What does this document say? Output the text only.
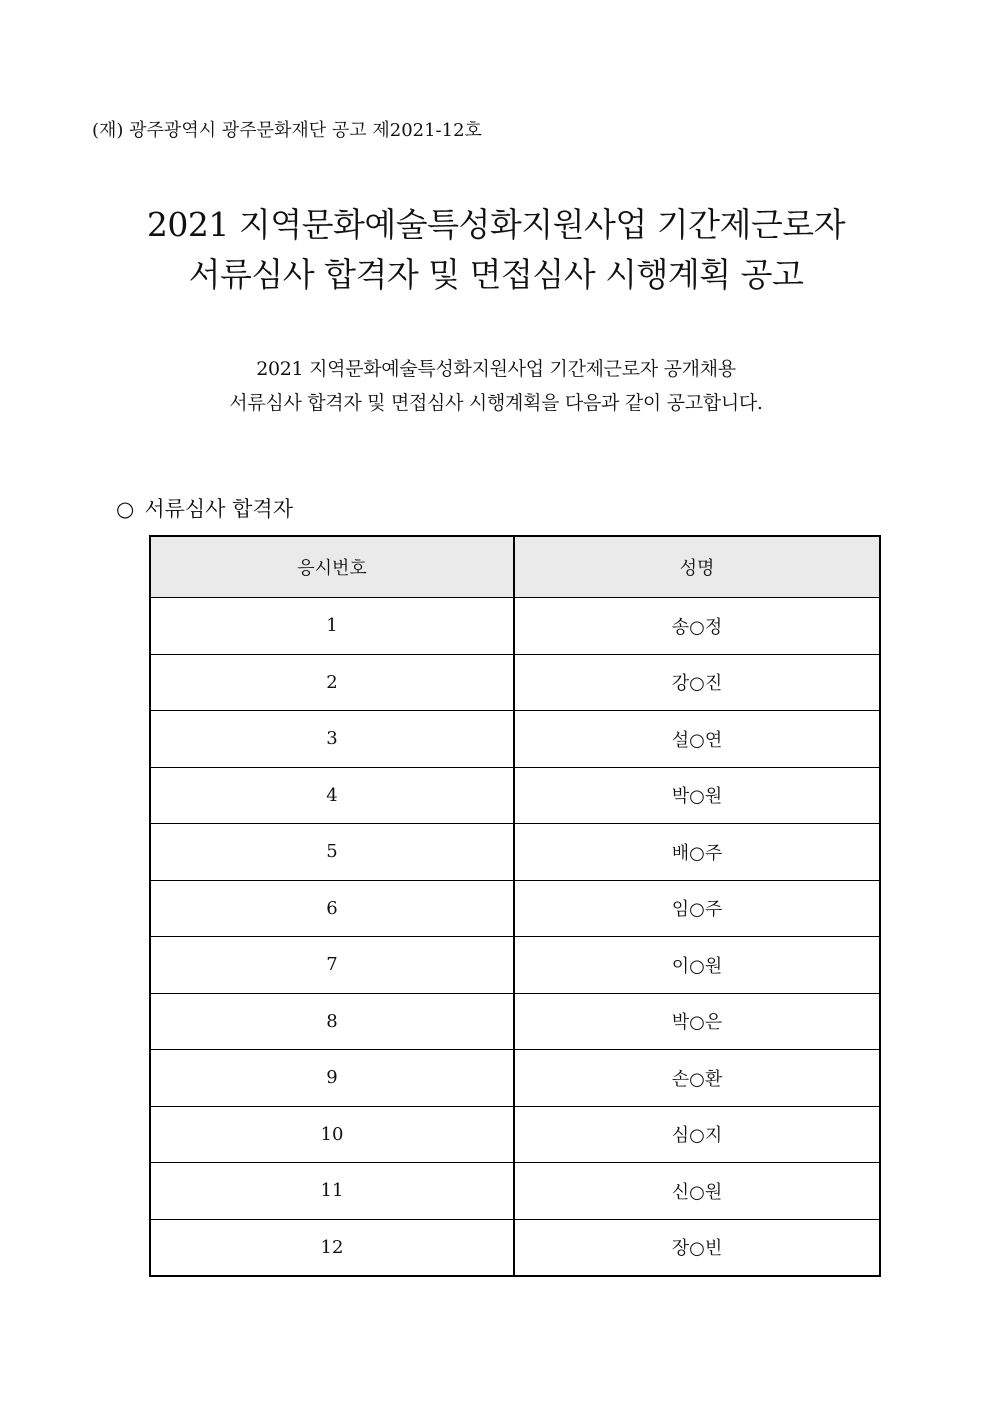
(재) 광주광역시 광주문화재단 공고 제2021-12호
2021 지역문화예술특성화지원사업 기간제근로자
서류심사 합격자 및 면접심사 시행계획 공고
2021 지역문화예술특성화지원사업 기간제근로자 공개채용
서류심사 합격자 및 면접심사 시행계획을 다음과 같이 공고합니다.
○ 서류심사 합격자
응시번호	성명
1	송○정
2	강○진
3	설○연
4	박○원
5	배○주
6	임○주
7	이○원
8	박○은
9	손○환
10	심○지
11	신○원
12	장○빈
